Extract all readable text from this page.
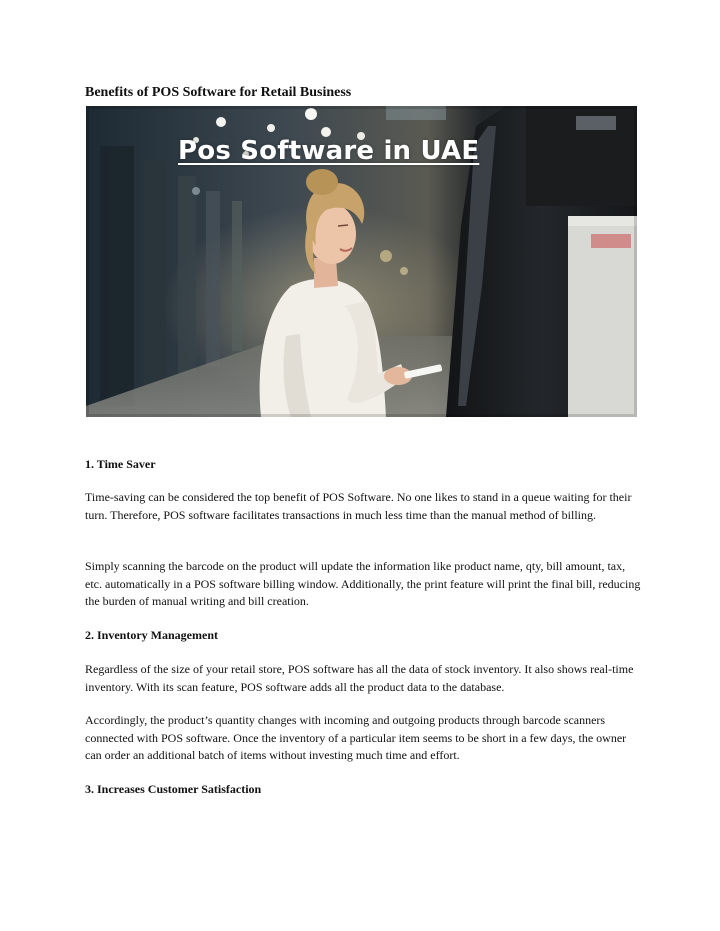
Benefits of POS Software for Retail Business
Pos Software in UAE

1. Time Saver

Time-saving can be considered the top benefit of POS Software. No one likes to stand in a queue waiting for their turn. Therefore, POS software facilitates transactions in much less time than the manual method of billing.

Simply scanning the barcode on the product will update the information like product name, qty, bill amount, tax, etc. automatically in a POS software billing window. Additionally, the print feature will print the final bill, reducing the burden of manual writing and bill creation.

2. Inventory Management

Regardless of the size of your retail store, POS software has all the data of stock inventory. It also shows real-time inventory. With its scan feature, POS software adds all the product data to the database.

Accordingly, the product’s quantity changes with incoming and outgoing products through barcode scanners connected with POS software. Once the inventory of a particular item seems to be short in a few days, the owner can order an additional batch of items without investing much time and effort.

3. Increases Customer Satisfaction
